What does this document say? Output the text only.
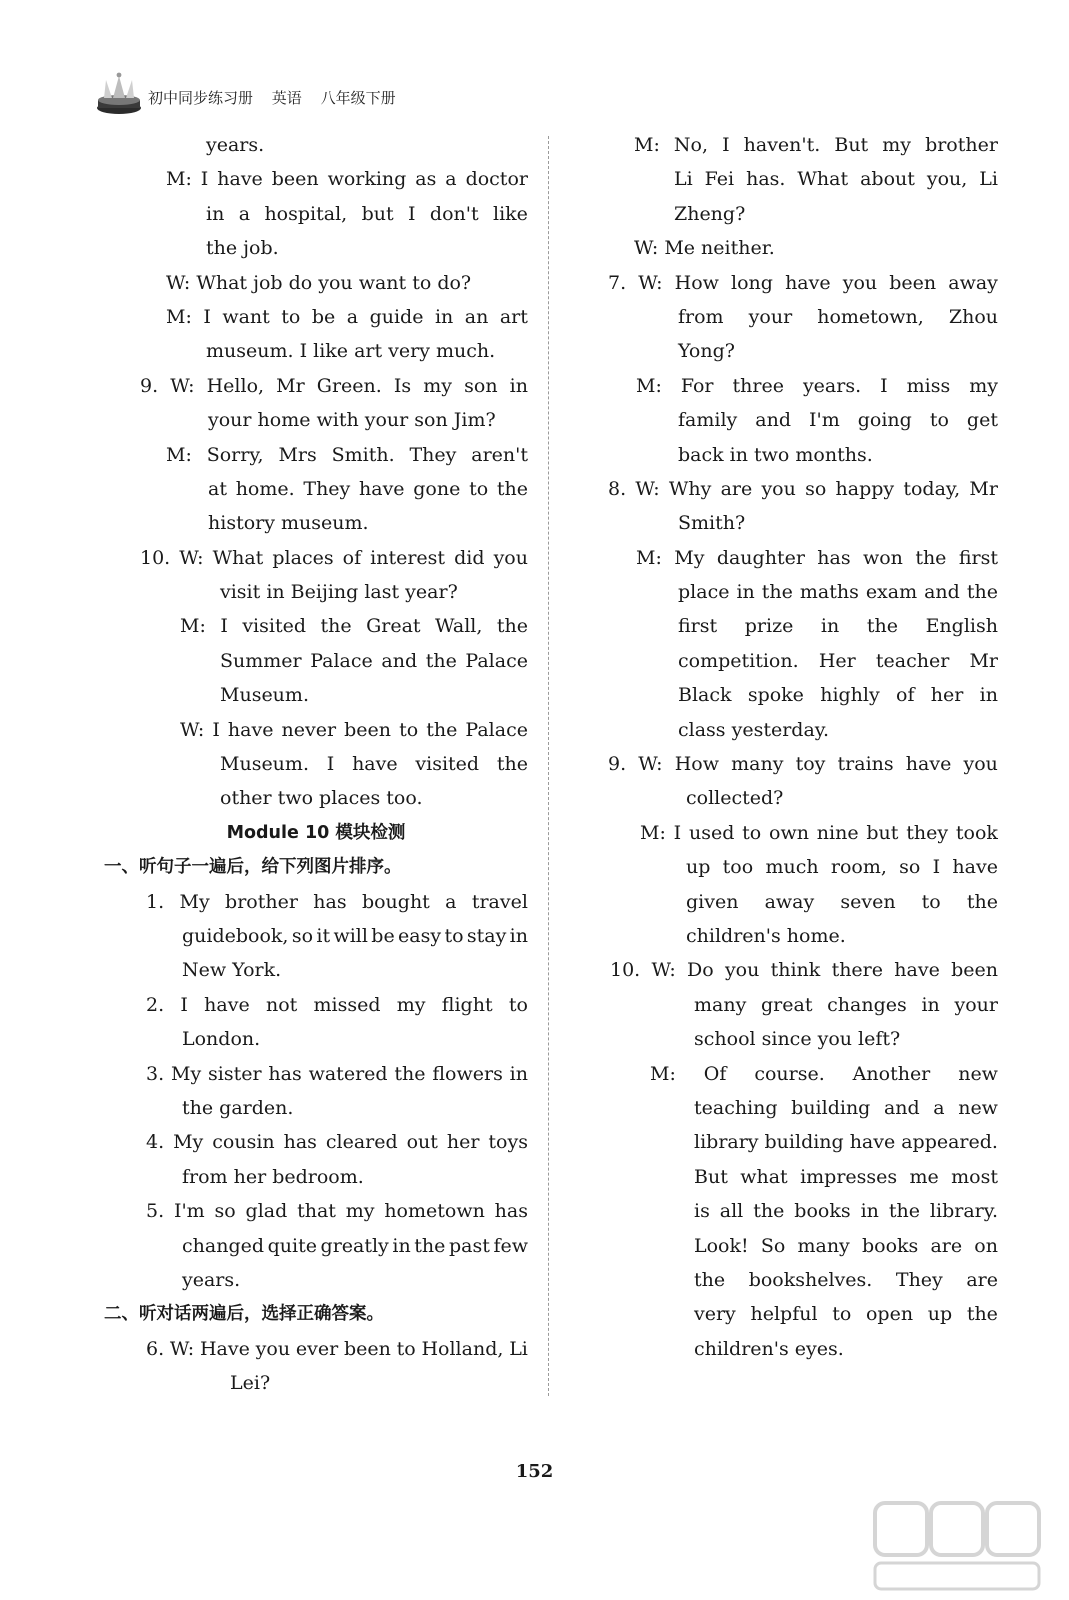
初中同步练习册 英语 八年级下册
years.
M: I have been working as a doctor
in a hospital, but I don't like
the job.
W: What job do you want to do?
M: I want to be a guide in an art
museum. I like art very much.
9. W: Hello, Mr Green. Is my son in
your home with your son Jim?
M: Sorry, Mrs Smith. They aren't
at home. They have gone to the
history museum.
10. W: What places of interest did you
visit in Beijing last year?
M: I visited the Great Wall, the
Summer Palace and the Palace
Museum.
W: I have never been to the Palace
Museum. I have visited the
other two places too.
Module 10 模块检测
一、听句子一遍后，给下列图片排序。
1. My brother has bought a travel
guidebook, so it will be easy to stay in
New York.
2. I have not missed my flight to
London.
3. My sister has watered the flowers in
the garden.
4. My cousin has cleared out her toys
from her bedroom.
5. I'm so glad that my hometown has
changed quite greatly in the past few
years.
二、听对话两遍后，选择正确答案。
6. W: Have you ever been to Holland, Li
Lei?
M: No, I haven't. But my brother
Li Fei has. What about you, Li
Zheng?
W: Me neither.
7. W: How long have you been away
from your hometown, Zhou
Yong?
M: For three years. I miss my
family and I'm going to get
back in two months.
8. W: Why are you so happy today, Mr
Smith?
M: My daughter has won the first
place in the maths exam and the
first prize in the English
competition. Her teacher Mr
Black spoke highly of her in
class yesterday.
9. W: How many toy trains have you
collected?
M: I used to own nine but they took
up too much room, so I have
given away seven to the
children's home.
10. W: Do you think there have been
many great changes in your
school since you left?
M: Of course. Another new
teaching building and a new
library building have appeared.
But what impresses me most
is all the books in the library.
Look! So many books are on
the bookshelves. They are
very helpful to open up the
children's eyes.
152
